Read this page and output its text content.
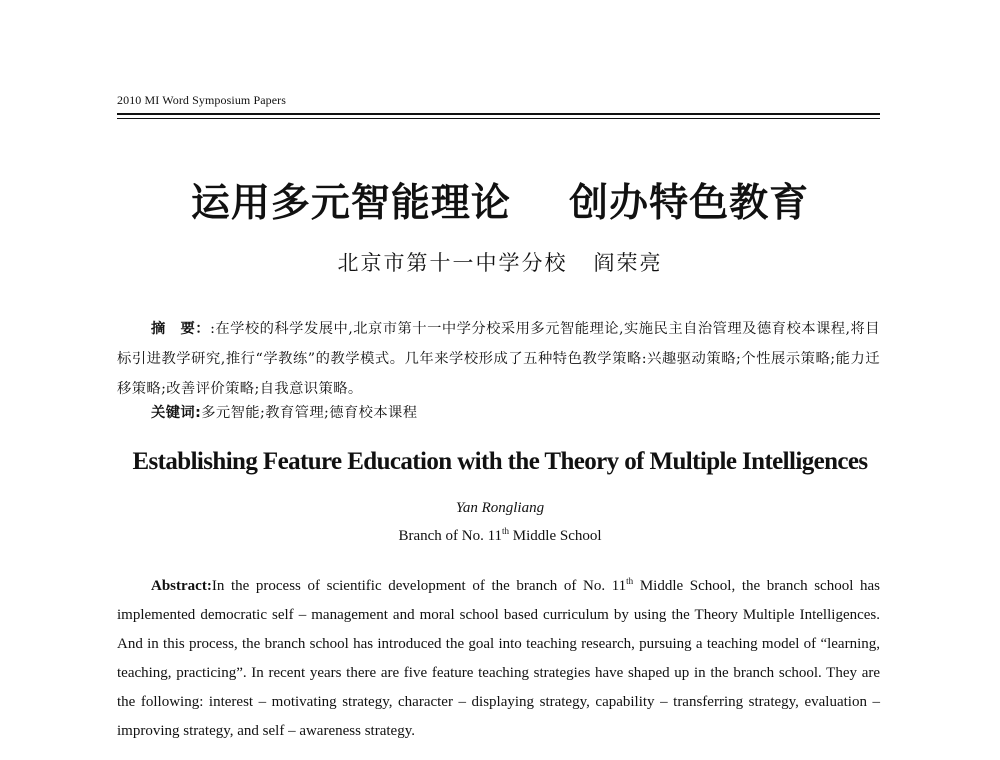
2010 MI Word Symposium Papers
运用多元智能理论    创办特色教育
北京市第十一中学分校   阎荣亮
摘　要：:在学校的科学发展中,北京市第十一中学分校采用多元智能理论,实施民主自治管理及德育校本课程,将目标引进教学研究,推行“学教练”的教学模式。几年来学校形成了五种特色教学策略:兴趣驱动策略;个性展示策略;能力迁移策略;改善评价策略;自我意识策略。
关键词:多元智能;教育管理;德育校本课程
Establishing Feature Education with the Theory of Multiple Intelligences
Yan Rongliang
Branch of No. 11th Middle School
Abstract:In the process of scientific development of the branch of No. 11th Middle School, the branch school has implemented democratic self – management and moral school based curriculum by using the Theory Multiple Intelligences. And in this process, the branch school has introduced the goal into teaching research, pursuing a teaching model of “learning, teaching, practicing”. In recent years there are five feature teaching strategies have shaped up in the branch school. They are the following: interest – motivating strategy, character – displaying strategy, capability – transferring strategy, evaluation – improving strategy, and self – awareness strategy.
